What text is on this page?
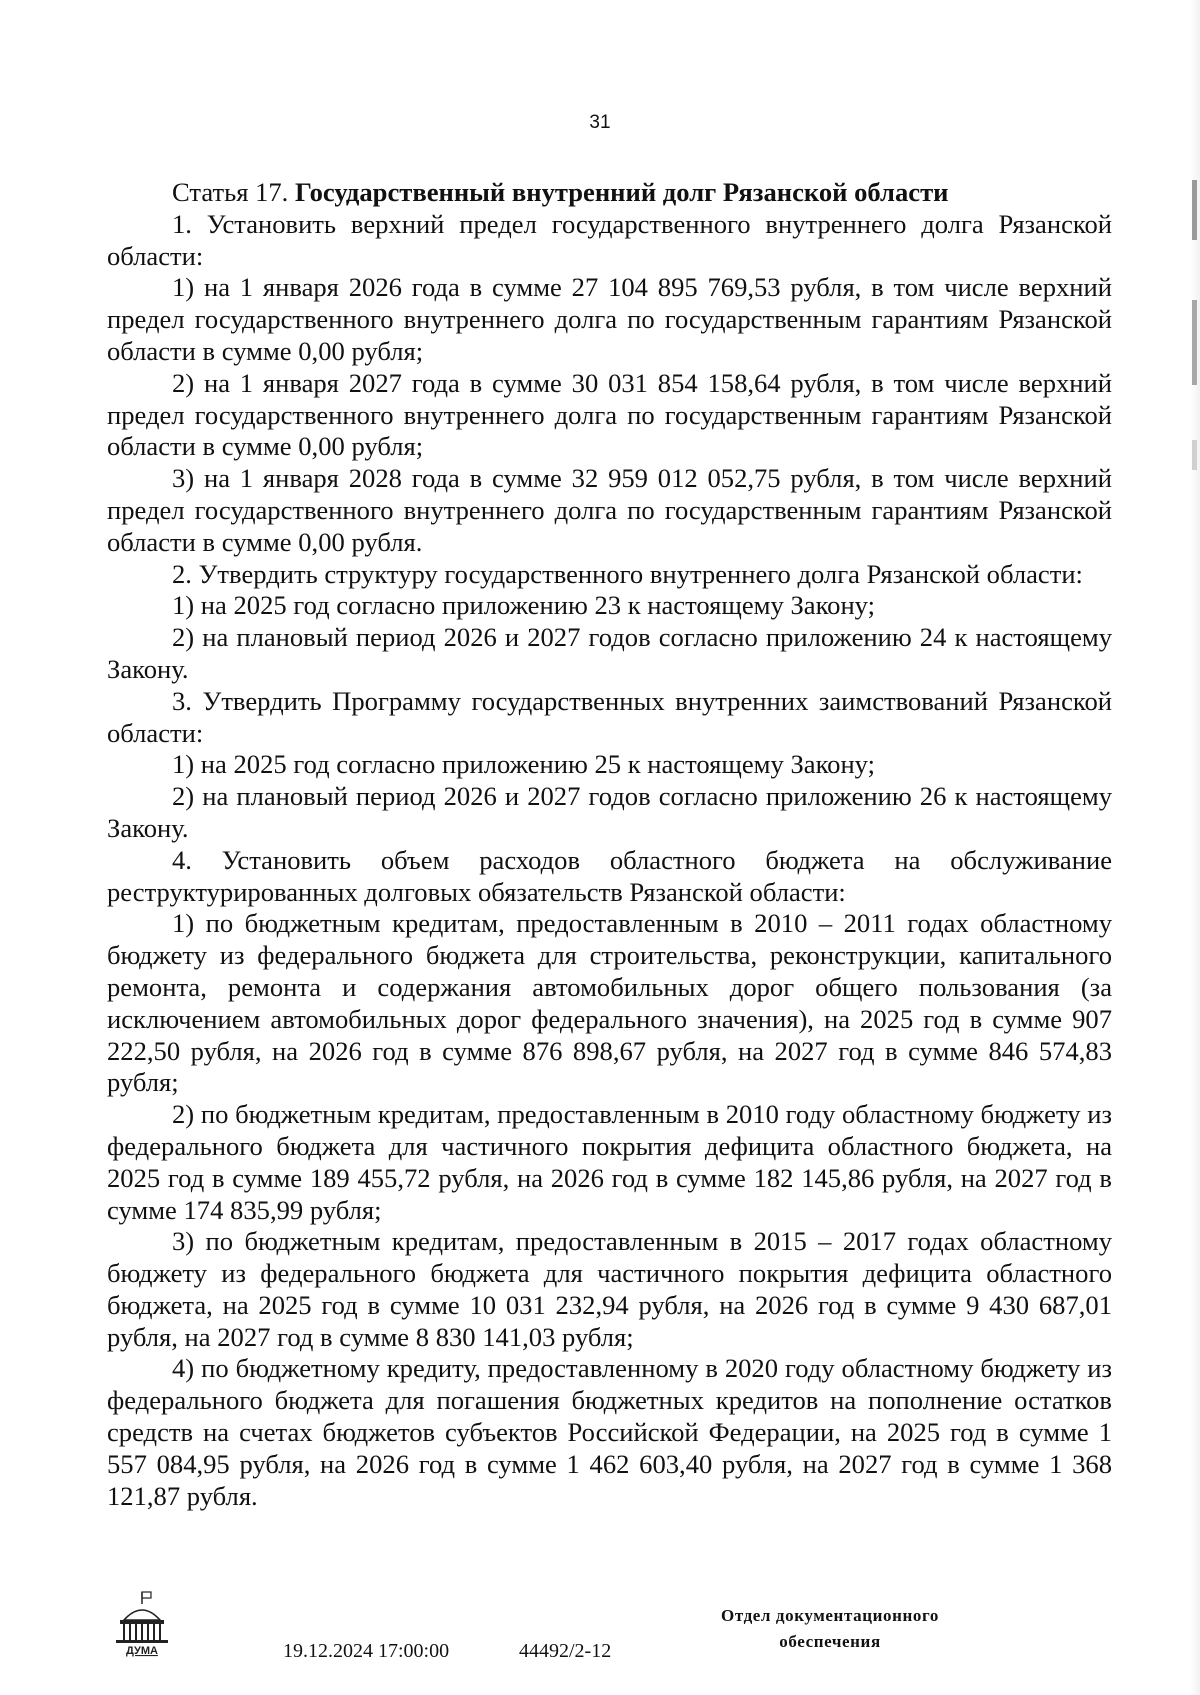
31

Статья 17. Государственный внутренний долг Рязанской области

1. Установить верхний предел государственного внутреннего долга Рязанской области:

1) на 1 января 2026 года в сумме 27 104 895 769,53 рубля, в том числе верхний предел государственного внутреннего долга по государственным гарантиям Рязанской области в сумме 0,00 рубля;

2) на 1 января 2027 года в сумме 30 031 854 158,64 рубля, в том числе верхний предел государственного внутреннего долга по государственным гарантиям Рязанской области в сумме 0,00 рубля;

3) на 1 января 2028 года в сумме 32 959 012 052,75 рубля, в том числе верхний предел государственного внутреннего долга по государственным гарантиям Рязанской области в сумме 0,00 рубля.

2. Утвердить структуру государственного внутреннего долга Рязанской области:

1) на 2025 год согласно приложению 23 к настоящему Закону;

2) на плановый период 2026 и 2027 годов согласно приложению 24 к настоящему Закону.

3. Утвердить Программу государственных внутренних заимствований Рязанской области:

1) на 2025 год согласно приложению 25 к настоящему Закону;

2) на плановый период 2026 и 2027 годов согласно приложению 26 к настоящему Закону.

4. Установить объем расходов областного бюджета на обслуживание реструктурированных долговых обязательств Рязанской области:

1) по бюджетным кредитам, предоставленным в 2010 – 2011 годах областному бюджету из федерального бюджета для строительства, реконструкции, капитального ремонта, ремонта и содержания автомобильных дорог общего пользования (за исключением автомобильных дорог федерального значения), на 2025 год в сумме 907 222,50 рубля, на 2026 год в сумме 876 898,67 рубля, на 2027 год в сумме 846 574,83 рубля;

2) по бюджетным кредитам, предоставленным в 2010 году областному бюджету из федерального бюджета для частичного покрытия дефицита областного бюджета, на 2025 год в сумме 189 455,72 рубля, на 2026 год в сумме 182 145,86 рубля, на 2027 год в сумме 174 835,99 рубля;

3) по бюджетным кредитам, предоставленным в 2015 – 2017 годах областному бюджету из федерального бюджета для частичного покрытия дефицита областного бюджета, на 2025 год в сумме 10 031 232,94 рубля, на 2026 год в сумме 9 430 687,01 рубля, на 2027 год в сумме 8 830 141,03 рубля;

4) по бюджетному кредиту, предоставленному в 2020 году областному бюджету из федерального бюджета для погашения бюджетных кредитов на пополнение остатков средств на счетах бюджетов субъектов Российской Федерации, на 2025 год в сумме 1 557 084,95 рубля, на 2026 год в сумме 1 462 603,40 рубля, на 2027 год в сумме 1 368 121,87 рубля.

ДУМА	19.12.2024 17:00:00	44492/2-12
Отдел документационного
обеспечения
